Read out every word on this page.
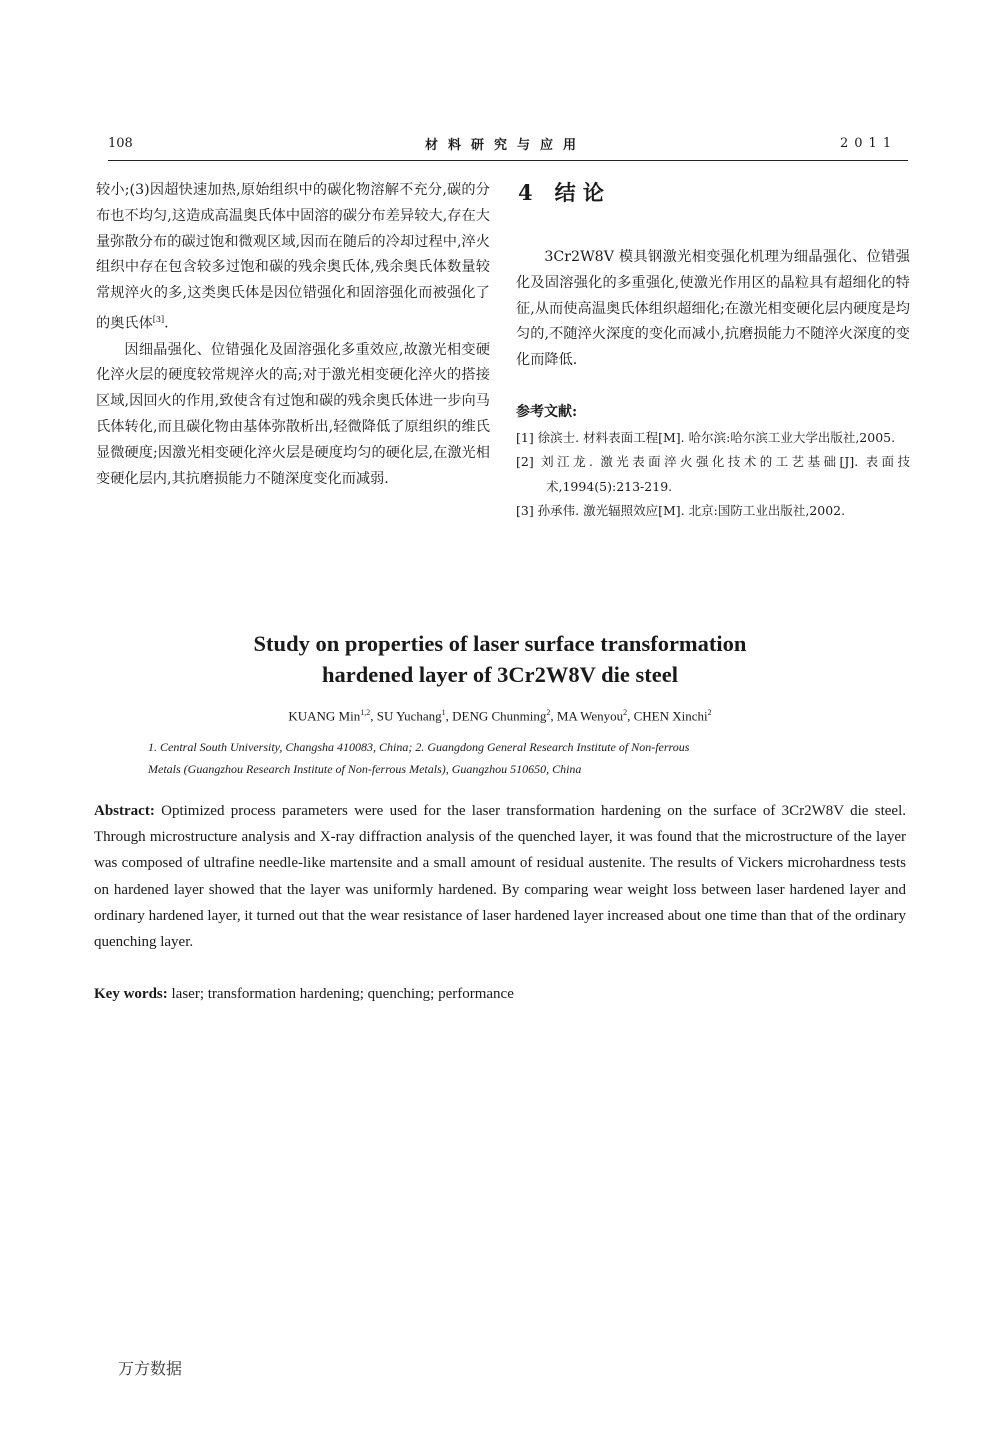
108	材料研究与应用	2011

较小;(3)因超快速加热,原始组织中的碳化物溶解不充分,碳的分布也不均匀,这造成高温奥氏体中固溶的碳分布差异较大,存在大量弥散分布的碳过饱和微观区域,因而在随后的冷却过程中,淬火组织中存在包含较多过饱和碳的残余奥氏体,残余奥氏体数量较常规淬火的多,这类奥氏体是因位错强化和固溶强化而被强化了的奥氏体[3].

因细晶强化、位错强化及固溶强化多重效应,故激光相变硬化淬火层的硬度较常规淬火的高;对于激光相变硬化淬火的搭接区域,因回火的作用,致使含有过饱和碳的残余奥氏体进一步向马氏体转化,而且碳化物由基体弥散析出,轻微降低了原组织的维氏显微硬度;因激光相变硬化淬火层是硬度均匀的硬化层,在激光相变硬化层内,其抗磨损能力不随深度变化而减弱.

4 结 论

3Cr2W8V 模具钢激光相变强化机理为细晶强化、位错强化及固溶强化的多重强化,使激光作用区的晶粒具有超细化的特征,从而使高温奥氏体组织超细化;在激光相变硬化层内硬度是均匀的,不随淬火深度的变化而减小,抗磨损能力不随淬火深度的变化而降低.

参考文献:

[1] 徐滨士. 材料表面工程[M]. 哈尔滨:哈尔滨工业大学出版社,2005.

[2] 刘江龙. 激光表面淬火强化技术的工艺基础[J]. 表面技术,1994(5):213-219.

[3] 孙承伟. 激光辐照效应[M]. 北京:国防工业出版社,2002.

Study on properties of laser surface transformation
hardened layer of 3Cr2W8V die steel
KUANG Min$^{1,2}$, SU Yuchang$^1$, DENG Chunming$^2$, MA Wenyou$^2$, CHEN Xinchi$^2$
1. Central South University, Changsha 410083, China; 2. Guangdong General Research Institute of Non-ferrous
Metals (Guangzhou Research Institute of Non-ferrous Metals), Guangzhou 510650, China
Abstract: Optimized process parameters were used for the laser transformation hardening on the surface of 3Cr2W8V die steel. Through microstructure analysis and X-ray diffraction analysis of the quenched layer, it was found that the microstructure of the layer was composed of ultrafine needle-like martensite and a small amount of residual austenite. The results of Vickers microhardness tests on hardened layer showed that the layer was uniformly hardened. By comparing wear weight loss between laser hardened layer and ordinary hardened layer, it turned out that the wear resistance of laser hardened layer increased about one time than that of the ordinary quenching layer.
Key words: laser; transformation hardening; quenching; performance
万方数据
